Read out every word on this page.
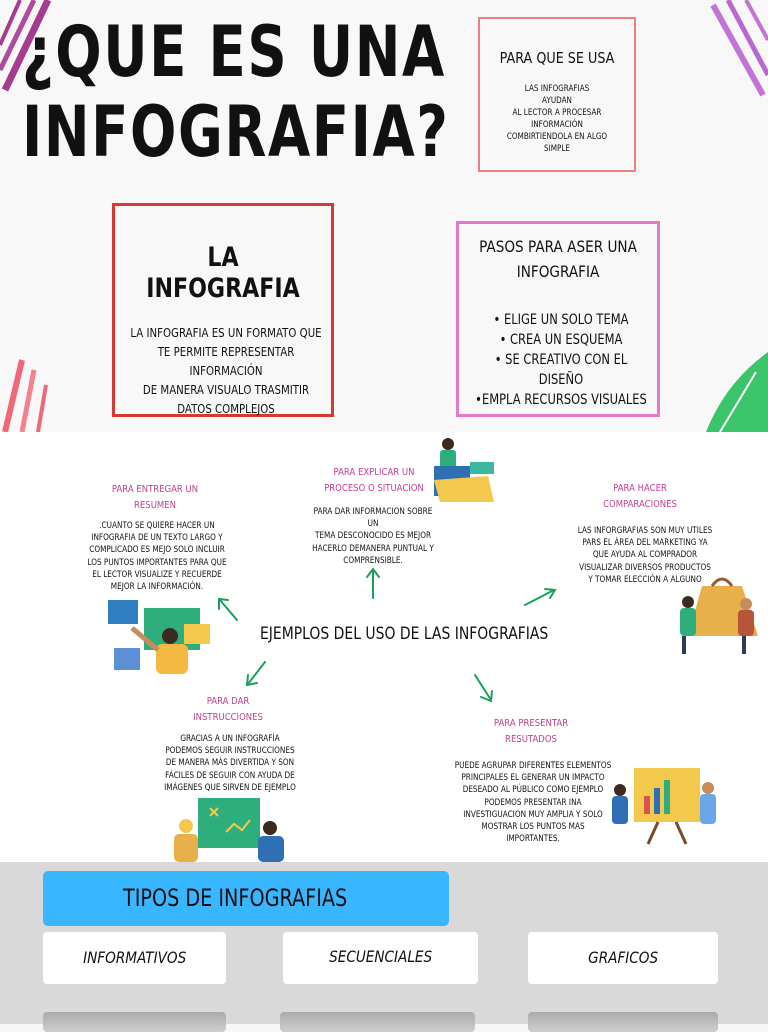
¿QUE ES UNA
INFOGRAFIA?
PARA QUE SE USA
LAS INFOGRAFIAS
AYUDAN
AL LECTOR A PROCESAR
INFORMACIÓN
COMBIRTIENDOLA EN ALGO
SIMPLE
LA INFOGRAFIA
LA INFOGRAFIA ES UN FORMATO QUE
TE PERMITE REPRESENTAR INFORMACIÓN
DE MANERA VISUALO TRASMITIR
DATOS COMPLEJOS
PASOS PARA ASER UNA
INFOGRAFIA
• ELIGE UN SOLO TEMA
• CREA UN ESQUEMA
• SE CREATIVO CON EL DISEÑO
•EMPLA RECURSOS VISUALES
EJEMPLOS DEL USO DE LAS INFOGRAFIAS
PARA ENTREGAR UN
RESUMEN
.CUANTO SE QUIERE HACER UN
INFOGRAFIA DE UN TEXTO LARGO Y
COMPLICADO ES MEJO SOLO INCLUIR
LOS PUNTOS IMPORTANTES PARA QUE
EL LECTOR VISUALIZE Y RECUERDE
MEJOR LA INFORMACIÓN.
PARA EXPLICAR UN
PROCESO O SITUACION
PARA DAR INFORMACION SOBRE UN
TEMA DESCONOCIDO ES MEJOR
HACERLO DEMANERA PUNTUAL Y
COMPRENSIBLE.
PARA HACER
COMPARACIONES
LAS INFORGRAFIAS SON MUY UTILES
PARS EL ÁREA DEL MARKETING YA
QUE AYUDA AL COMPRADOR
VISUALIZAR DIVERSOS PRODUCTOS
Y TOMAR ELECCIÓN A ALGUNO
PARA DAR
INSTRUCCIONES
GRACIAS A UN INFOGRAFÍA
PODEMOS SEGUIR INSTRUCCIONES
DE MANERA MÁS DIVERTIDA Y SON
FÁCILES DE SEGUIR CON AYUDA DE
IMÁGENES QUE SIRVEN DE EJEMPLO
PARA PRESENTAR
RESUTADOS
PUEDE AGRUPAR DIFERENTES ELEMENTOS
PRINCIPALES EL GENERAR UN IMPACTO
DESEADO AL PÚBLICO COMO EJEMPLO
PODEMOS PRESENTAR INA
INVESTIGUACION MUY AMPLIA Y SOLO
MOSTRAR LOS PUNTOS MAS
IMPORTANTES.
TIPOS DE INFOGRAFIAS
INFORMATIVOS	SECUENCIALES	GRAFICOS
